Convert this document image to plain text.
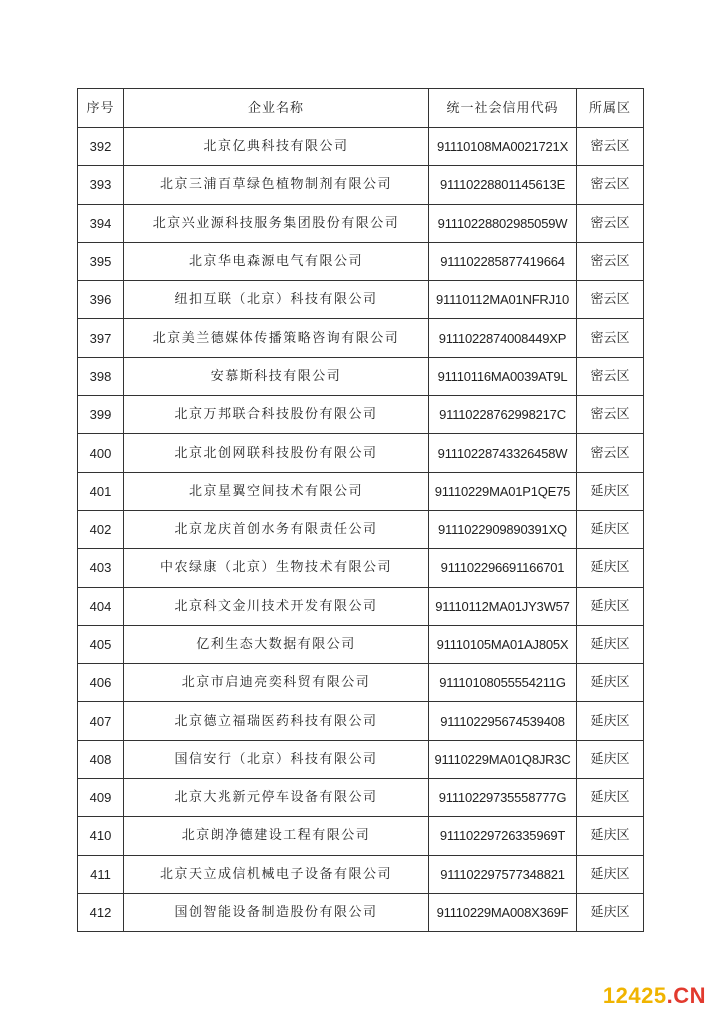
序号	企业名称	统一社会信用代码	所属区
392	北京亿典科技有限公司	91110108MA0021721X	密云区
393	北京三浦百草绿色植物制剂有限公司	91110228801145613E	密云区
394	北京兴业源科技服务集团股份有限公司	91110228802985059W	密云区
395	北京华电森源电气有限公司	911102285877419664	密云区
396	纽扣互联（北京）科技有限公司	91110112MA01NFRJ10	密云区
397	北京美兰德媒体传播策略咨询有限公司	9111022874008449XP	密云区
398	安慕斯科技有限公司	91110116MA0039AT9L	密云区
399	北京万邦联合科技股份有限公司	91110228762998217C	密云区
400	北京北创网联科技股份有限公司	91110228743326458W	密云区
401	北京星翼空间技术有限公司	91110229MA01P1QE75	延庆区
402	北京龙庆首创水务有限责任公司	9111022909890391XQ	延庆区
403	中农绿康（北京）生物技术有限公司	911102296691166701	延庆区
404	北京科文金川技术开发有限公司	91110112MA01JY3W57	延庆区
405	亿利生态大数据有限公司	91110105MA01AJ805X	延庆区
406	北京市启迪亮奕科贸有限公司	91110108055554211G	延庆区
407	北京德立福瑞医药科技有限公司	911102295674539408	延庆区
408	国信安行（北京）科技有限公司	91110229MA01Q8JR3C	延庆区
409	北京大兆新元停车设备有限公司	91110229735558777G	延庆区
410	北京朗净德建设工程有限公司	91110229726335969T	延庆区
411	北京天立成信机械电子设备有限公司	911102297577348821	延庆区
412	国创智能设备制造股份有限公司	91110229MA008X369F	延庆区
12425.CN
